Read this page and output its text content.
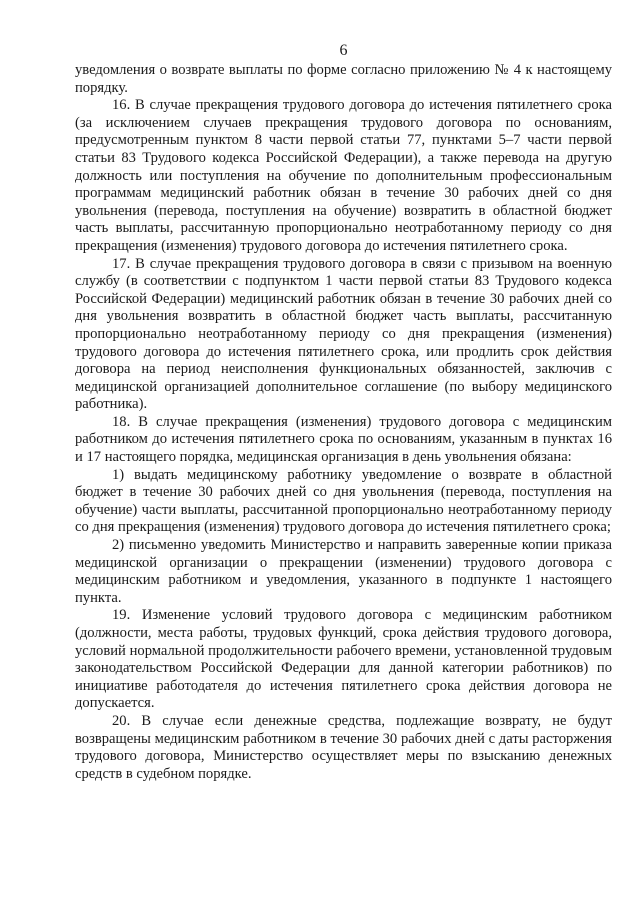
6

уведомления о возврате выплаты по форме согласно приложению № 4 к настоящему порядку.

16. В случае прекращения трудового договора до истечения пятилетнего срока (за исключением случаев прекращения трудового договора по основаниям, предусмотренным пунктом 8 части первой статьи 77, пунктами 5–7 части первой статьи 83 Трудового кодекса Российской Федерации), а также перевода на другую должность или поступления на обучение по дополнительным профессиональным программам медицинский работник обязан в течение 30 рабочих дней со дня увольнения (перевода, поступления на обучение) возвратить в областной бюджет часть выплаты, рассчитанную пропорционально неотработанному периоду со дня прекращения (изменения) трудового договора до истечения пятилетнего срока.

17. В случае прекращения трудового договора в связи с призывом на военную службу (в соответствии с подпунктом 1 части первой статьи 83 Трудового кодекса Российской Федерации) медицинский работник обязан в течение 30 рабочих дней со дня увольнения возвратить в областной бюджет часть выплаты, рассчитанную пропорционально неотработанному периоду со дня прекращения (изменения) трудового договора до истечения пятилетнего срока, или продлить срок действия договора на период неисполнения функциональных обязанностей, заключив с медицинской организацией дополнительное соглашение (по выбору медицинского работника).

18. В случае прекращения (изменения) трудового договора с медицинским работником до истечения пятилетнего срока по основаниям, указанным в пунктах 16 и 17 настоящего порядка, медицинская организация в день увольнения обязана:

1) выдать медицинскому работнику уведомление о возврате в областной бюджет в течение 30 рабочих дней со дня увольнения (перевода, поступления на обучение) части выплаты, рассчитанной пропорционально неотработанному периоду со дня прекращения (изменения) трудового договора до истечения пятилетнего срока;

2) письменно уведомить Министерство и направить заверенные копии приказа медицинской организации о прекращении (изменении) трудового договора с медицинским работником и уведомления, указанного в подпункте 1 настоящего пункта.

19. Изменение условий трудового договора с медицинским работником (должности, места работы, трудовых функций, срока действия трудового договора, условий нормальной продолжительности рабочего времени, установленной трудовым законодательством Российской Федерации для данной категории работников) по инициативе работодателя до истечения пятилетнего срока действия договора не допускается.

20. В случае если денежные средства, подлежащие возврату, не будут возвращены медицинским работником в течение 30 рабочих дней с даты расторжения трудового договора, Министерство осуществляет меры по взысканию денежных средств в судебном порядке.
